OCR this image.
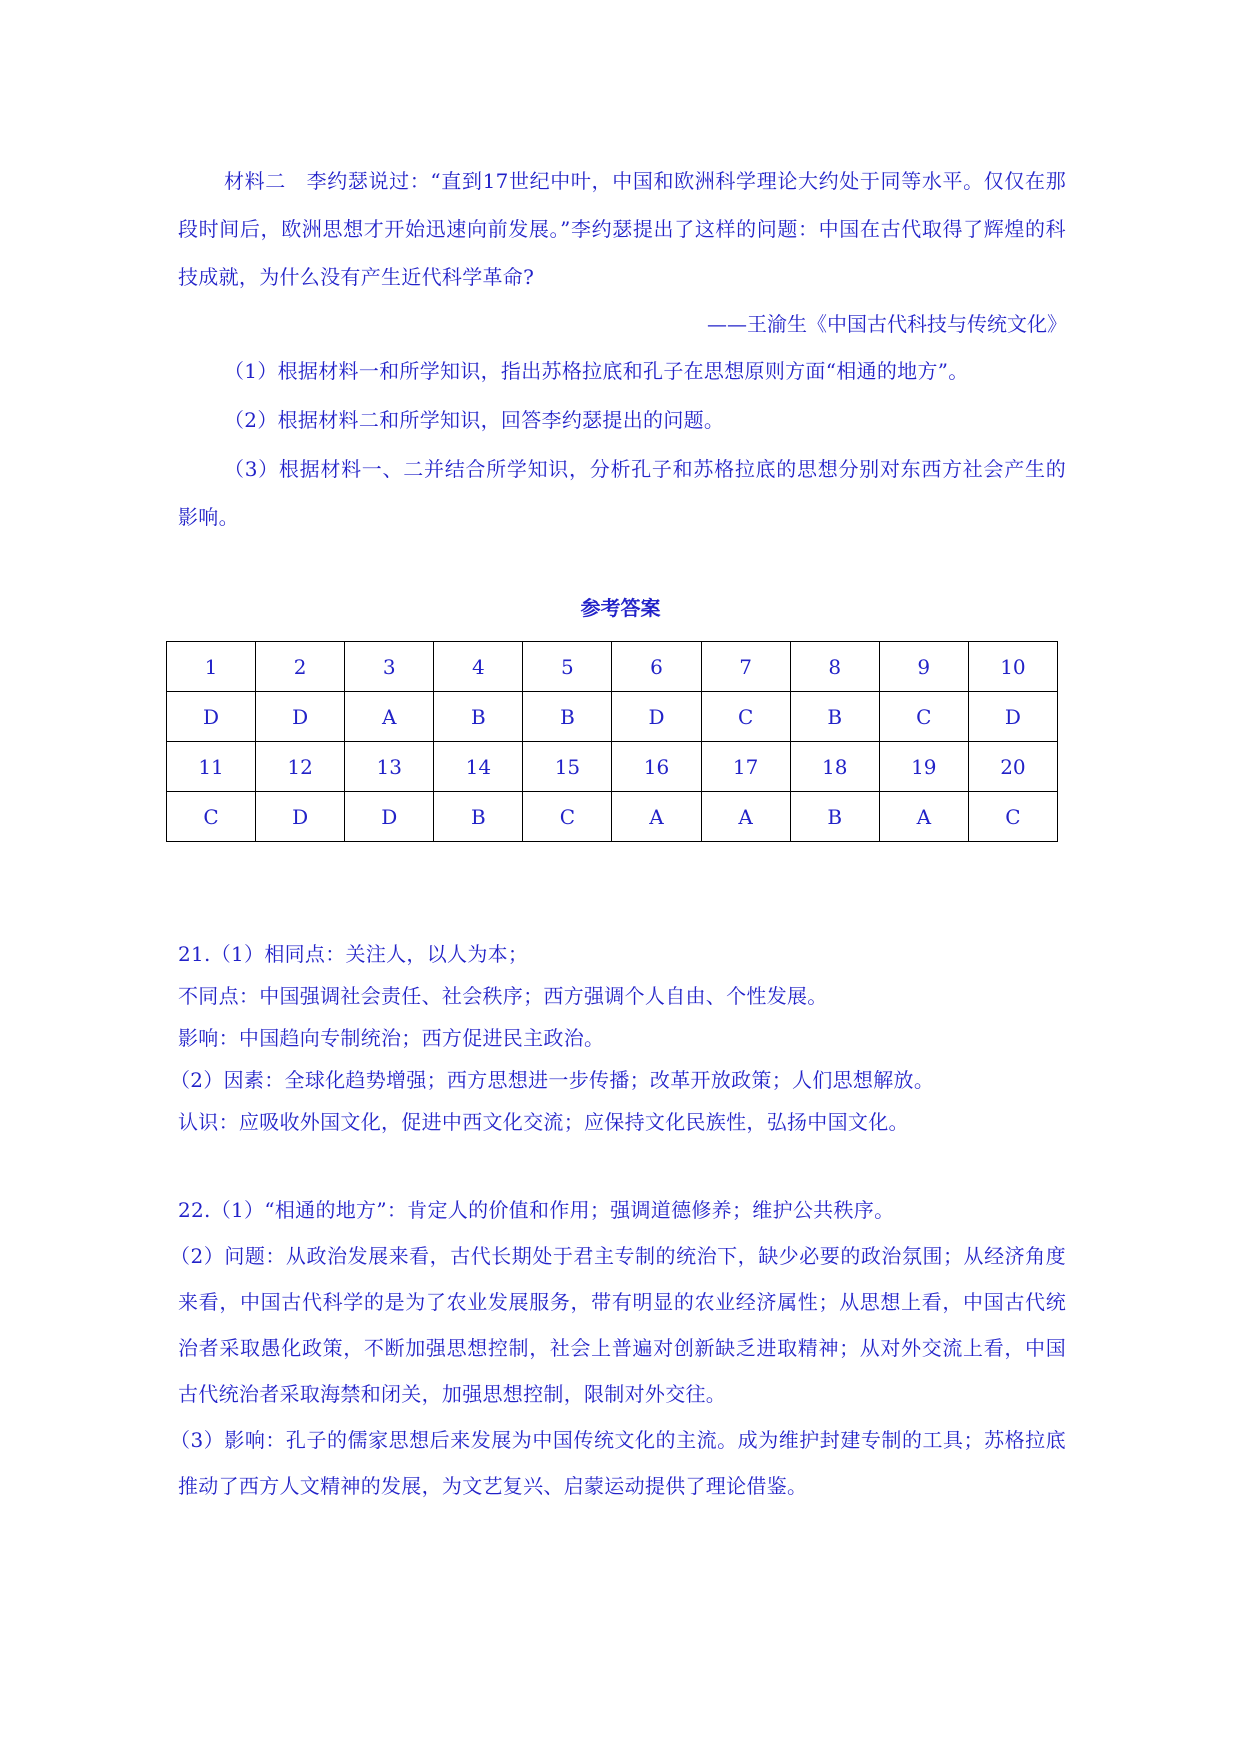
材料二　李约瑟说过：“直到17世纪中叶，中国和欧洲科学理论大约处于同等水平。仅仅在那段时间后，欧洲思想才开始迅速向前发展。”李约瑟提出了这样的问题：中国在古代取得了辉煌的科技成就，为什么没有产生近代科学革命?

——王渝生《中国古代科技与传统文化》

（1）根据材料一和所学知识，指出苏格拉底和孔子在思想原则方面“相通的地方”。

（2）根据材料二和所学知识，回答李约瑟提出的问题。

（3）根据材料一、二并结合所学知识，分析孔子和苏格拉底的思想分别对东西方社会产生的影响。

参考答案

1	2	3	4	5	6	7	8	9	10
D	D	A	B	B	D	C	B	C	D
11	12	13	14	15	16	17	18	19	20
C	D	D	B	C	A	A	B	A	C

21.（1）相同点：关注人，以人为本；

不同点：中国强调社会责任、社会秩序；西方强调个人自由、个性发展。

影响：中国趋向专制统治；西方促进民主政治。

（2）因素：全球化趋势增强；西方思想进一步传播；改革开放政策；人们思想解放。

认识：应吸收外国文化，促进中西文化交流；应保持文化民族性，弘扬中国文化。

22.（1）“相通的地方”：肯定人的价值和作用；强调道德修养；维护公共秩序。

（2）问题：从政治发展来看，古代长期处于君主专制的统治下，缺少必要的政治氛围；从经济角度来看，中国古代科学的是为了农业发展服务，带有明显的农业经济属性；从思想上看，中国古代统治者采取愚化政策，不断加强思想控制，社会上普遍对创新缺乏进取精神；从对外交流上看，中国古代统治者采取海禁和闭关，加强思想控制，限制对外交往。

（3）影响：孔子的儒家思想后来发展为中国传统文化的主流。成为维护封建专制的工具；苏格拉底推动了西方人文精神的发展，为文艺复兴、启蒙运动提供了理论借鉴。
